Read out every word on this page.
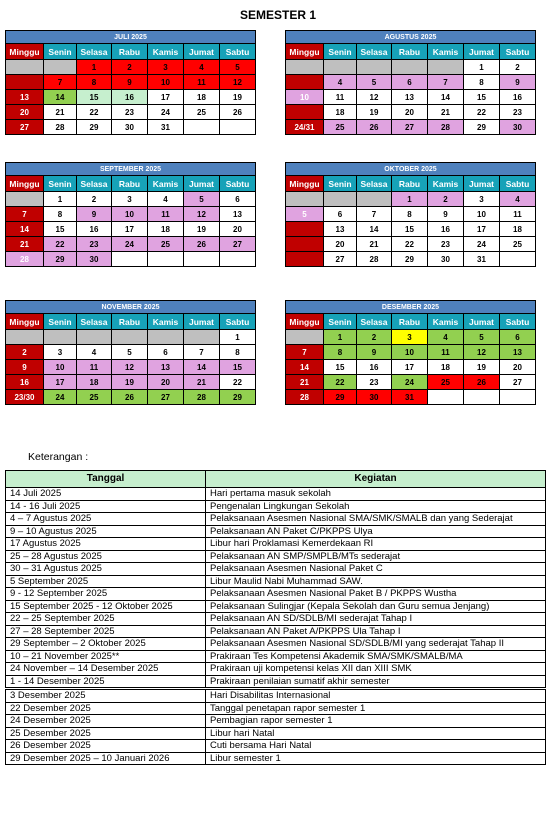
SEMESTER 1
JULI 2025						
Minggu	Senin	Selasa	Rabu	Kamis	Jumat	Sabtu
		1	2	3	4	5
6	7	8	9	10	11	12
13	14	15	16	17	18	19
20	21	22	23	24	25	26
27	28	29	30	31		
AGUSTUS 2025						
Minggu	Senin	Selasa	Rabu	Kamis	Jumat	Sabtu
					1	2
3	4	5	6	7	8	9
10	11	12	13	14	15	16
17	18	19	20	21	22	23
24/31	25	26	27	28	29	30
SEPTEMBER 2025						
Minggu	Senin	Selasa	Rabu	Kamis	Jumat	Sabtu
	1	2	3	4	5	6
7	8	9	10	11	12	13
14	15	16	17	18	19	20
21	22	23	24	25	26	27
28	29	30				
OKTOBER 2025						
Minggu	Senin	Selasa	Rabu	Kamis	Jumat	Sabtu
			1	2	3	4
5	6	7	8	9	10	11
12	13	14	15	16	17	18
19	20	21	22	23	24	25
26	27	28	29	30	31	
NOVEMBER 2025						
Minggu	Senin	Selasa	Rabu	Kamis	Jumat	Sabtu
						1
2	3	4	5	6	7	8
9	10	11	12	13	14	15
16	17	18	19	20	21	22
23/30	24	25	26	27	28	29
DESEMBER 2025						
Minggu	Senin	Selasa	Rabu	Kamis	Jumat	Sabtu
	1	2	3	4	5	6
7	8	9	10	11	12	13
14	15	16	17	18	19	20
21	22	23	24	25	26	27
28	29	30	31			
Keterangan :
Tanggal	Kegiatan
14 Juli 2025	Hari pertama masuk sekolah
14 - 16 Juli 2025	Pengenalan Lingkungan Sekolah
4 – 7 Agustus 2025	Pelaksanaan Asesmen Nasional SMA/SMK/SMALB dan yang Sederajat
9 – 10 Agustus 2025	Pelaksanaan AN Paket C/PKPPS Ulya
17 Agustus 2025	Libur hari Proklamasi Kemerdekaan RI
25 – 28 Agustus 2025	Pelaksanaan AN SMP/SMPLB/MTs sederajat
30 – 31 Agustus 2025	Pelaksanaan Asesmen Nasional Paket C
5 September 2025	Libur Maulid Nabi Muhammad SAW.
9 - 12 September 2025	Pelaksanaan Asesmen Nasional Paket B / PKPPS Wustha
15 September 2025 - 12 Oktober 2025	Pelaksanaan Sulingjar (Kepala Sekolah dan Guru semua Jenjang)
22 – 25 September 2025	Pelaksanaan AN SD/SDLB/MI sederajat Tahap I
27 – 28 September 2025	Pelaksanaan AN Paket A/PKPPS Ula Tahap I
29 September – 2 Oktober 2025	Pelaksanaan Asesmen Nasional SD/SDLB/MI yang sederajat Tahap II
10 – 21 November 2025**	Prakiraan Tes Kompetensi Akademik SMA/SMK/SMALB/MA
24 November – 14 Desember 2025	Prakiraan uji kompetensi kelas XII dan XIII SMK
1 - 14 Desember 2025	Prakiraan penilaian sumatif akhir semester
3 Desember 2025	Hari Disabilitas Internasional
22 Desember 2025	Tanggal penetapan rapor semester 1
24 Desember 2025	Pembagian rapor semester 1
25 Desember 2025	Libur hari Natal
26 Desember 2025	Cuti bersama Hari Natal
29 Desember 2025 – 10 Januari 2026	Libur semester 1
